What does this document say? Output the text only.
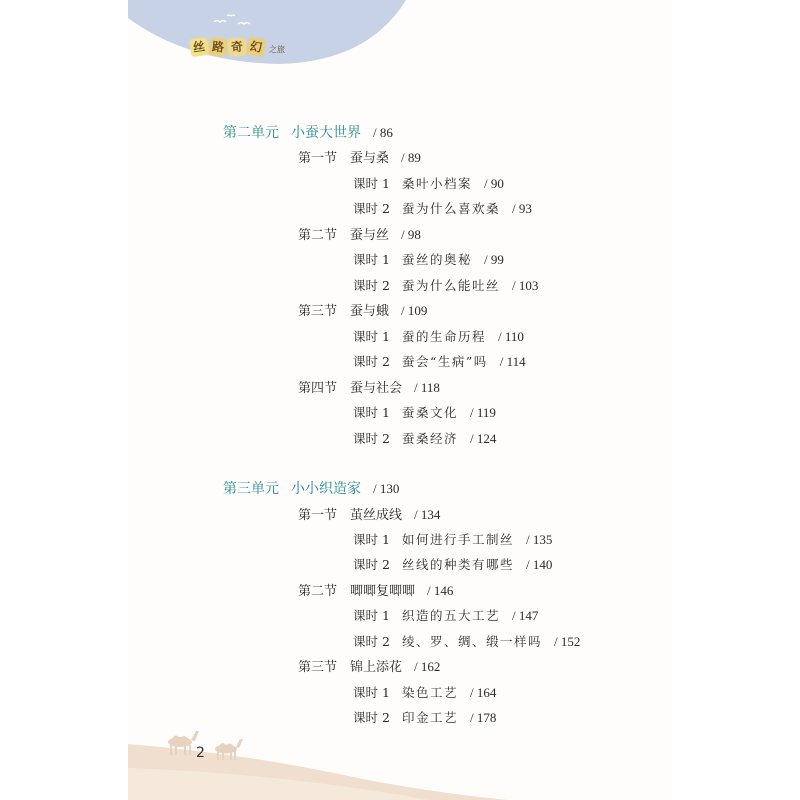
丝 路 奇 幻 之旅
第二单元 小蚕大世界 / 86
第一节 蚕与桑 / 89
课时 1 桑叶小档案 / 90
课时 2 蚕为什么喜欢桑 / 93
第二节 蚕与丝 / 98
课时 1 蚕丝的奥秘 / 99
课时 2 蚕为什么能吐丝 / 103
第三节 蚕与蛾 / 109
课时 1 蚕的生命历程 / 110
课时 2 蚕会“生病”吗 / 114
第四节 蚕与社会 / 118
课时 1 蚕桑文化 / 119
课时 2 蚕桑经济 / 124
第三单元 小小织造家 / 130
第一节 茧丝成线 / 134
课时 1 如何进行手工制丝 / 135
课时 2 丝线的种类有哪些 / 140
第二节 唧唧复唧唧 / 146
课时 1 织造的五大工艺 / 147
课时 2 绫、罗、绸、缎一样吗 / 152
第三节 锦上添花 / 162
课时 1 染色工艺 / 164
课时 2 印金工艺 / 178
2
